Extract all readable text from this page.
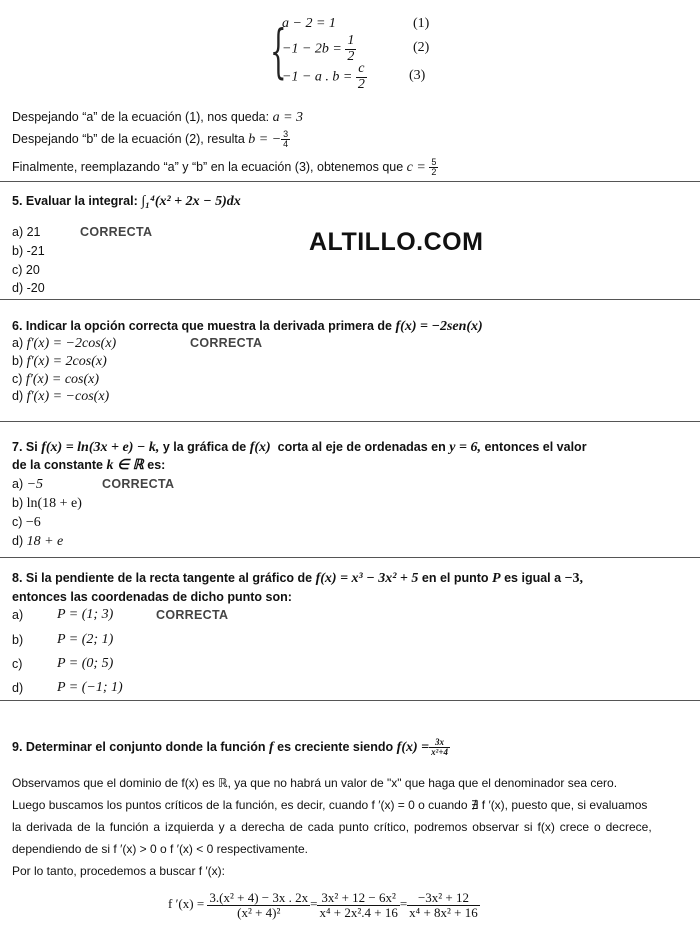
{
a − 2 = 1
$-1 - 2b = \frac{1}{2}$
−1 − a . $b = \frac{c}{2}$
(1)
(2)
(3)
Despejando “a” de la ecuación (1), nos queda: a = 3
Despejando “b” de la ecuación (2), resulta b = − $\frac{3}{4}$
Finalmente, reemplazando “a” y “b” en la ecuación (3), obtenemos que $c = \frac{5}{2}$
5. Evaluar la integral: ∫₁⁴(x² + 2x − 5)dx
a) 21	CORRECTA
b) -21
c) 20
d) -20
ALTILLO.COM
6. Indicar la opción correcta que muestra la derivada primera de f(x) = −2sen(x)
a) f′(x) = −2cos(x)	CORRECTA
b) f′(x) = 2cos(x)
c) f′(x) = cos(x)
d) f′(x) = −cos(x)
7. Si f(x) = ln(3x + e) − k, y la gráfica de f(x) corta al eje de ordenadas en y = 6, entonces el valor
de la constante k ∈ ℝ es:
a) −5	CORRECTA
b) ln(18 + e)
c) −6
d) 18 + e
8. Si la pendiente de la recta tangente al gráfico de f(x) = x³ − 3x² + 5 en el punto P es igual a −3,
entonces las coordenadas de dicho punto son:
a) P = (1; 3)	CORRECTA
b) P = (2; 1)
c) P = (0; 5)
d) P = (−1; 1)
9. Determinar el conjunto donde la función f es creciente siendo $f(x) = \frac{3x}{\text{x²+4}}$
Observamos que el dominio de f(x) es ℝ, ya que no habrá un valor de "x" que haga que el denominador sea cero.
Luego buscamos los puntos críticos de la función, es decir, cuando f ′(x) = 0 o cuando ∄ f ′(x), puesto que, si evaluamos
la derivada de la función a izquierda y a derecha de cada punto crítico, podremos observar si f(x) crece o decrece,
dependiendo de si f ′(x) > 0 o f ′(x) < 0 respectivamente.
Por lo tanto, procedemos a buscar f ′(x):
f $'(x) = \frac{\text{3.(x² + 4) − 3x . 2x}}{\text{(x² + 4)²}} = \frac{\text{3x² + 12 − 6x²}}{\text{x⁴ + 2x².4 + 16}} = \frac{\text{−3x² + 12}}{\text{x⁴ + 8x² + 16}}$
